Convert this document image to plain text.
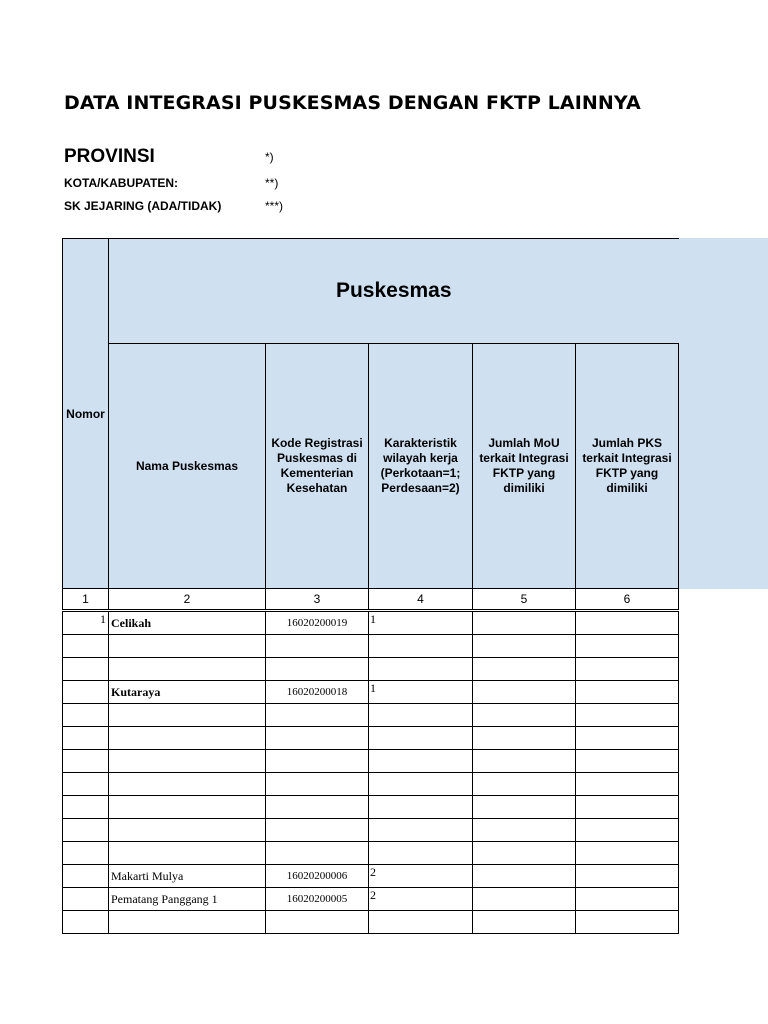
DATA INTEGRASI PUSKESMAS DENGAN FKTP LAINNYA
PROVINSI	*)
KOTA/KABUPATEN:	**)
SK JEJARING (ADA/TIDAK)	***)
Nomor	Puskesmas				
	Nama Puskesmas	Kode Registrasi Puskesmas di Kementerian Kesehatan	Karakteristik wilayah kerja (Perkotaan=1; Perdesaan=2)	Jumlah MoU terkait Integrasi FKTP yang dimiliki	Jumlah PKS terkait Integrasi FKTP yang dimiliki
1	2	3	4	5	6
1	Celikah	16020200019	1		

	Kutaraya	16020200018	1		

	Makarti Mulya	16020200006	2		
	Pematang Panggang 1	16020200005	2		
